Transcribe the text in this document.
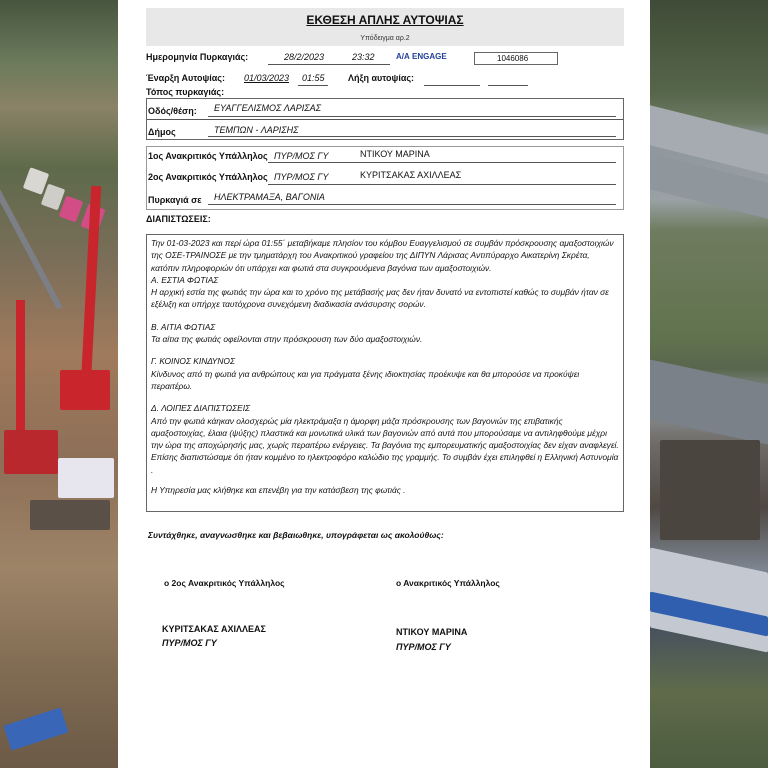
ΕΚΘΕΣΗ ΑΠΛΗΣ ΑΥΤΟΨΙΑΣ
Υπόδειγμα αρ.2
Ημερομηνία Πυρκαγιάς:	28/2/2023	23:32	Α/Α ENGAGE	1046086
Έναρξη Αυτοψίας: 01/03/2023 01:55	Λήξη αυτοψίας:
Τόπος πυρκαγιάς:
Οδός/θέση: ΕΥΑΓΓΕΛΙΣΜΟΣ ΛΑΡΙΣΑΣ
Δήμος	ΤΕΜΠΩΝ - ΛΑΡΙΣΗΣ
1ος Ανακριτικός Υπάλληλος ΠΥΡ/ΜΟΣ ΓΥ	ΝΤΙΚΟΥ ΜΑΡΙΝΑ
2ος Ανακριτικός Υπάλληλος ΠΥΡ/ΜΟΣ ΓΥ	ΚΥΡΙΤΣΑΚΑΣ ΑΧΙΛΛΕΑΣ
Πυρκαγιά σε ΗΛΕΚΤΡΑΜΑΞΑ, ΒΑΓΟΝΙΑ
ΔΙΑΠΙΣΤΩΣΕΙΣ:

Την 01-03-2023 και περί ώρα 01:55΄ μεταβήκαμε πλησίον του κόμβου Ευαγγελισμού σε συμβάν πρόσκρουσης αμαξοστοιχιών της ΟΣΕ-ΤΡΑΙΝΟΣΕ με την τμηματάρχη του Ανακριτικού γραφείου της ΔΙΠΥΝ Λάρισας Αντιπύραρχο Αικατερίνη Σκρέτα, κατόπιν πληροφοριών ότι υπάρχει και φωτιά στα συγκρουόμενα βαγόνια των αμαξοστοιχιών.

Α. ΕΣΤΙΑ ΦΩΤΙΑΣ

Η αρχική εστία της φωτιάς την ώρα και το χρόνο της μετάβασής μας δεν ήταν δυνατό να εντοπιστεί καθώς το συμβάν ήταν σε εξέλιξη και υπήρχε ταυτόχρονα συνεχόμενη διαδικασία ανάσυρσης σορών.

Β. ΑΙΤΙΑ ΦΩΤΙΑΣ

Τα αίτια της φωτιάς οφείλονται στην πρόσκρουση των δύο αμαξοστοιχιών.

Γ. ΚΟΙΝΟΣ ΚΙΝΔΥΝΟΣ

Κίνδυνος από τη φωτιά για ανθρώπους και για πράγματα ξένης ιδιοκτησίας προέκυψε και θα μπορούσε να προκύψει περαιτέρω.

Δ. ΛΟΙΠΕΣ ΔΙΑΠΙΣΤΩΣΕΙΣ

Από την φωτιά κάηκαν ολοσχερώς μία ηλεκτράμαξα η άμορφη μάζα πρόσκρουσης των βαγονιών της επιβατικής αμαξοστοιχίας, έλαια (ψύξης) πλαστικά και μονωτικά υλικά των βαγονιών από αυτά που μπορούσαμε να αντιληφθούμε μέχρι την ώρα της αποχώρησής μας, χωρίς περαιτέρω ενέργειες. Τα βαγόνια της εμπορευματικής αμαξοστοιχίας δεν είχαν αναφλεγεί. Επίσης διαπιστώσαμε ότι ήταν κομμένο το ηλεκτροφόρο καλώδιο της γραμμής. Το συμβάν έχει επιληφθεί η Ελληνική Αστυνομία .

Η Υπηρεσία μας κλήθηκε και επενέβη για την κατάσβεση της φωτιάς .

Συντάχθηκε, αναγνωσθηκε και βεβαιωθηκε, υπογράφεται ως ακολούθως:
ο 2ος Ανακριτικός Υπάλληλος	ο Ανακριτικός Υπάλληλος
ΚΥΡΙΤΣΑΚΑΣ ΑΧΙΛΛΕΑΣ
ΠΥΡ/ΜΟΣ ΓΥ
ΝΤΙΚΟΥ ΜΑΡΙΝΑ
ΠΥΡ/ΜΟΣ ΓΥ
